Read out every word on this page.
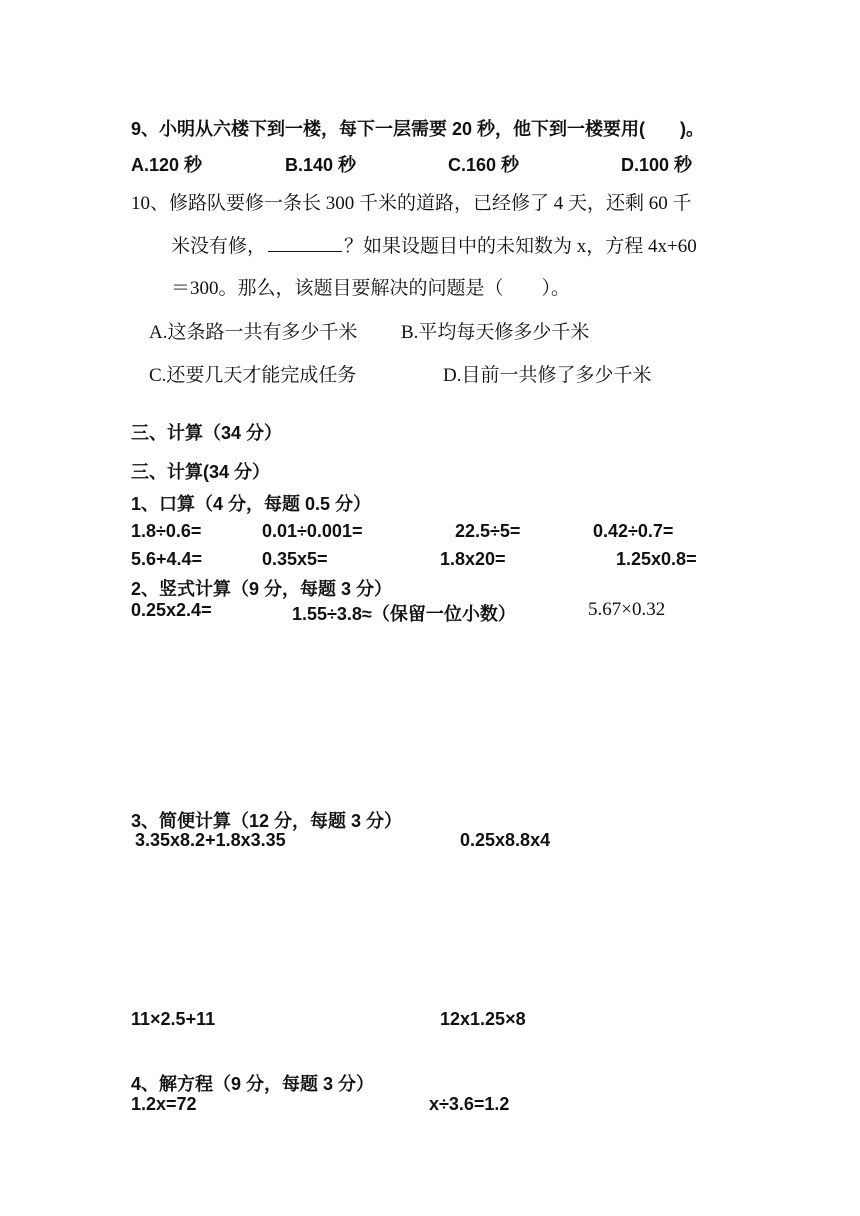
9、小明从六楼下到一楼，每下一层需要 20 秒，他下到一楼要用(       )。
A.120 秒	B.140 秒	C.160 秒	D.100 秒
10、修路队要修一条长 300 千米的道路，已经修了 4 天，还剩 60 千
米没有修，	？如果设题目中的未知数为 x，方程 4x+60
＝300。那么，该题目要解决的问题是（        ）。
A.这条路一共有多少千米 B.平均每天修多少千米
C.还要几天才能完成任务	D.目前一共修了多少千米
三、计算（34 分）
三、计算(34 分）
1、口算（4 分，每题 0.5 分）
1.8÷0.6=	0.01÷0.001=	22.5÷5=	0.42÷0.7=
5.6+4.4=	0.35x5=	1.8x20=	1.25x0.8=
2、竖式计算（9 分，每题 3 分）
0.25x2.4=	1.55÷3.8≈（保留一位小数）	5.67×0.32
3、简便计算（12 分，每题 3 分）
3.35x8.2+1.8x3.35	0.25x8.8x4
11×2.5+11	12x1.25×8
4、解方程（9 分，每题 3 分）
1.2x=72	x÷3.6=1.2
